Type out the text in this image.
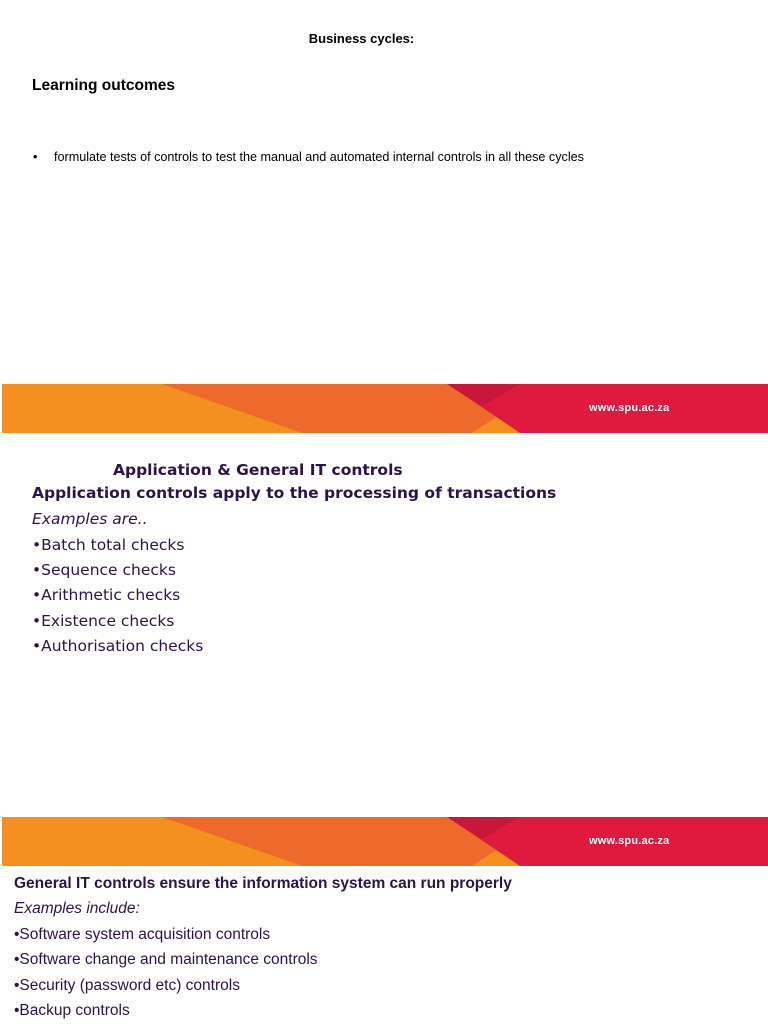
Business cycles:
Learning outcomes
•	formulate tests of controls to test the manual and automated internal controls in all these cycles
www.spu.ac.za
Application & General IT controls
Application controls apply to the processing of transactions
Examples are..
•Batch total checks
•Sequence checks
•Arithmetic checks
•Existence checks
•Authorisation checks
www.spu.ac.za
General IT controls ensure the information system can run properly
Examples include:
•Software system acquisition controls
•Software change and maintenance controls
•Security (password etc) controls
•Backup controls
